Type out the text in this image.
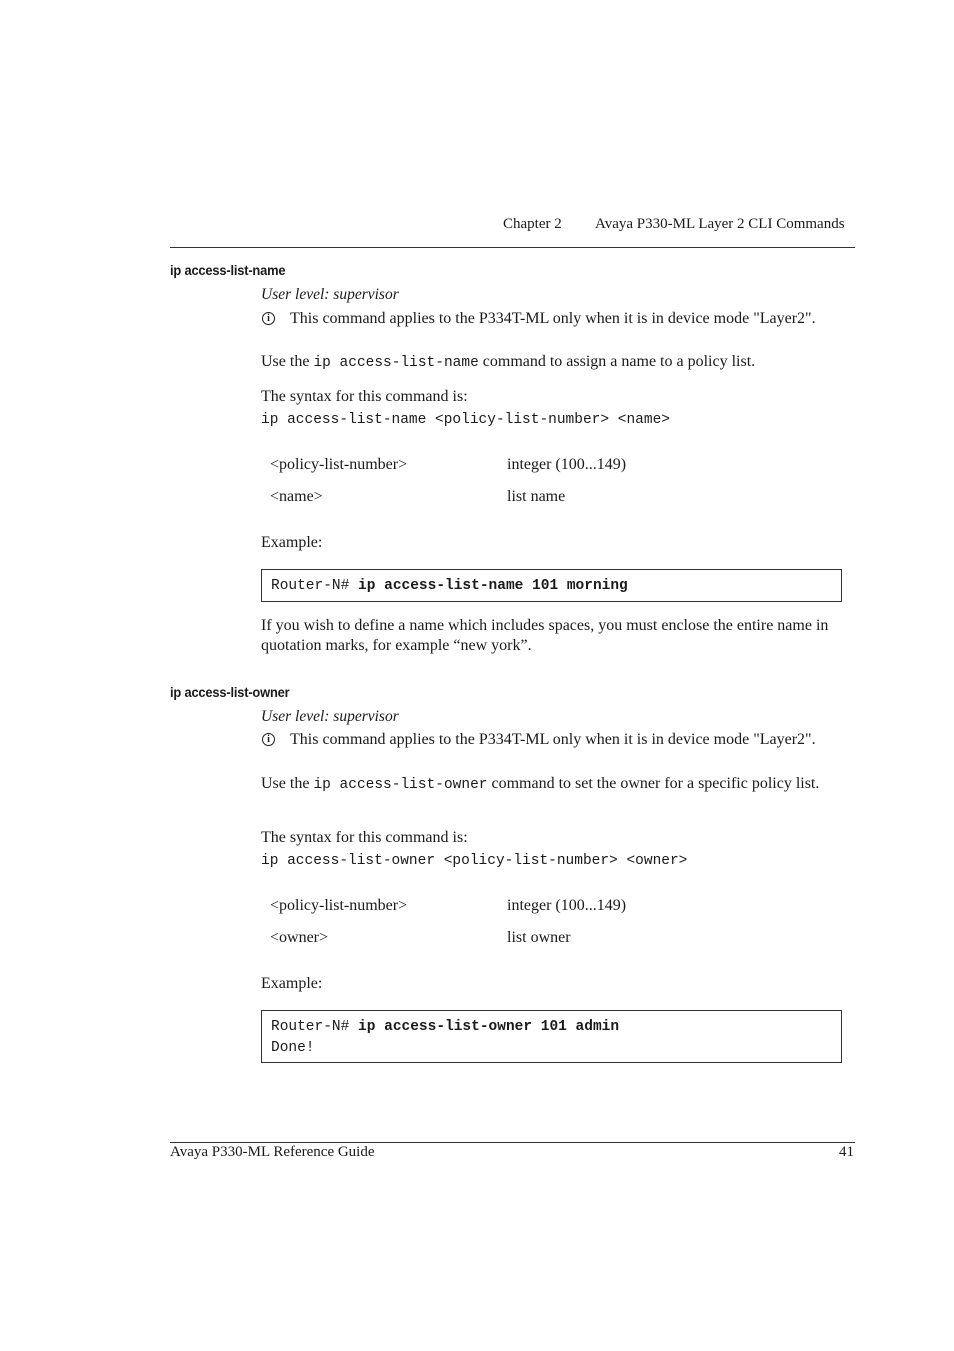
Chapter 2 Avaya P330-ML Layer 2 CLI Commands
ip access-list-name
User level: supervisor
i	This command applies to the P334T-ML only when it is in device mode "Layer2".
Use the ip access-list-name command to assign a name to a policy list.
The syntax for this command is:
ip access-list-name <policy-list-number> <name>
<policy-list-number>	integer (100...149)
<name>	list name
Example:
Router-N# ip access-list-name 101 morning
If you wish to define a name which includes spaces, you must enclose the entire name in quotation marks, for example “new york”.
ip access-list-owner
User level: supervisor
i	This command applies to the P334T-ML only when it is in device mode "Layer2".
Use the ip access-list-owner command to set the owner for a specific policy list.
The syntax for this command is:
ip access-list-owner <policy-list-number> <owner>
<policy-list-number>	integer (100...149)
<owner>	list owner
Example:
Router-N# ip access-list-owner 101 admin
Done!
Avaya P330-ML Reference Guide	41
